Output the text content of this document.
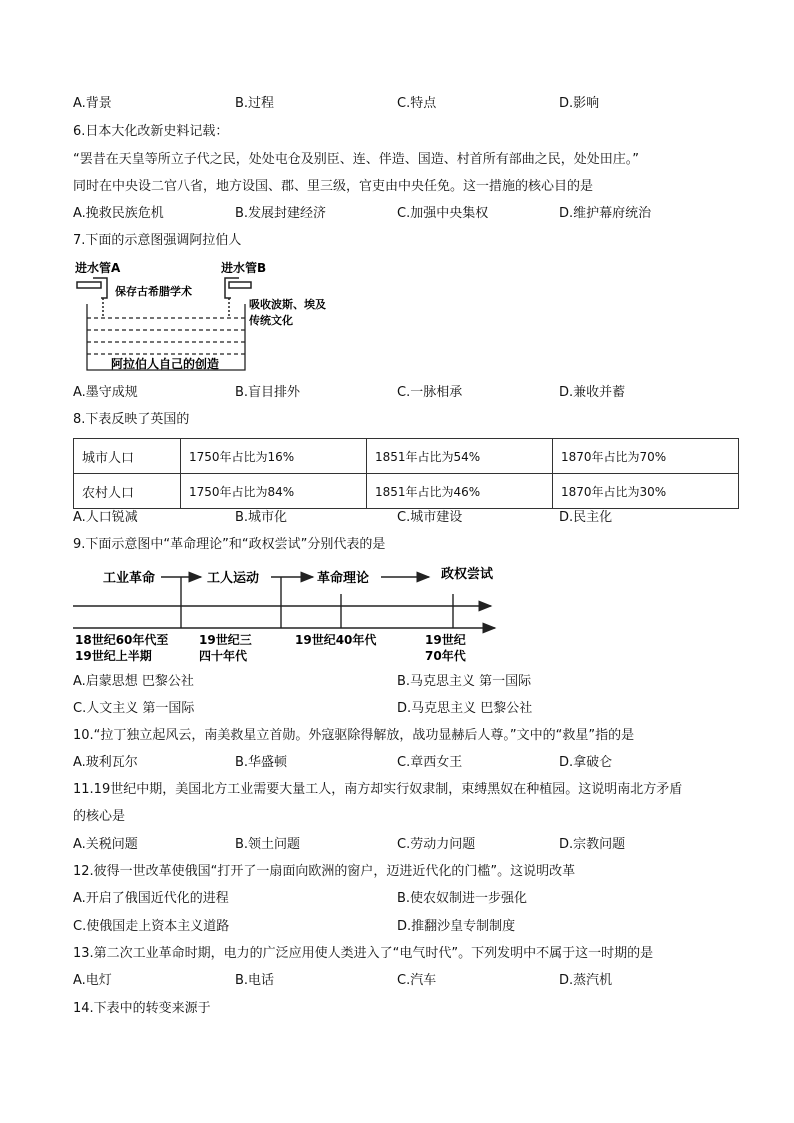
A.背景	B.过程	C.特点	D.影响
6.日本大化改新史料记载：
“罢昔在天皇等所立子代之民，处处屯仓及别臣、连、伴造、国造、村首所有部曲之民，处处田庄。”
同时在中央设二官八省，地方设国、郡、里三级，官吏由中央任免。这一措施的核心目的是
A.挽救民族危机	B.发展封建经济	C.加强中央集权	D.维护幕府统治
7.下面的示意图强调阿拉伯人
进水管A	进水管B
保存古希腊学术
吸收波斯、埃及
传统文化
阿拉伯人自己的创造
A.墨守成规	B.盲目排外	C.一脉相承	D.兼收并蓄
8.下表反映了英国的
城市人口	1750年占比为16%	1851年占比为54%	1870年占比为70%
农村人口	1750年占比为84%	1851年占比为46%	1870年占比为30%
A.人口锐减	B.城市化	C.城市建设	D.民主化
9.下面示意图中“革命理论”和“政权尝试”分别代表的是
工业革命	工人运动	革命理论	政权尝试
18世纪60年代至
19世纪上半期
19世纪三
四十年代
19世纪40年代	19世纪
70年代
A.启蒙思想 巴黎公社	B.马克思主义 第一国际
C.人文主义 第一国际	D.马克思主义 巴黎公社
10.“拉丁独立起风云，南美救星立首勋。外寇驱除得解放，战功显赫后人尊。”文中的“救星”指的是
A.玻利瓦尔	B.华盛顿	C.章西女王	D.拿破仑
11.19世纪中期，美国北方工业需要大量工人，南方却实行奴隶制，束缚黑奴在种植园。这说明南北方矛盾
的核心是
A.关税问题	B.领土问题	C.劳动力问题	D.宗教问题
12.彼得一世改革使俄国“打开了一扇面向欧洲的窗户，迈进近代化的门槛”。这说明改革
A.开启了俄国近代化的进程	B.使农奴制进一步强化
C.使俄国走上资本主义道路	D.推翻沙皇专制制度
13.第二次工业革命时期，电力的广泛应用使人类进入了“电气时代”。下列发明中不属于这一时期的是
A.电灯	B.电话	C.汽车	D.蒸汽机
14.下表中的转变来源于
